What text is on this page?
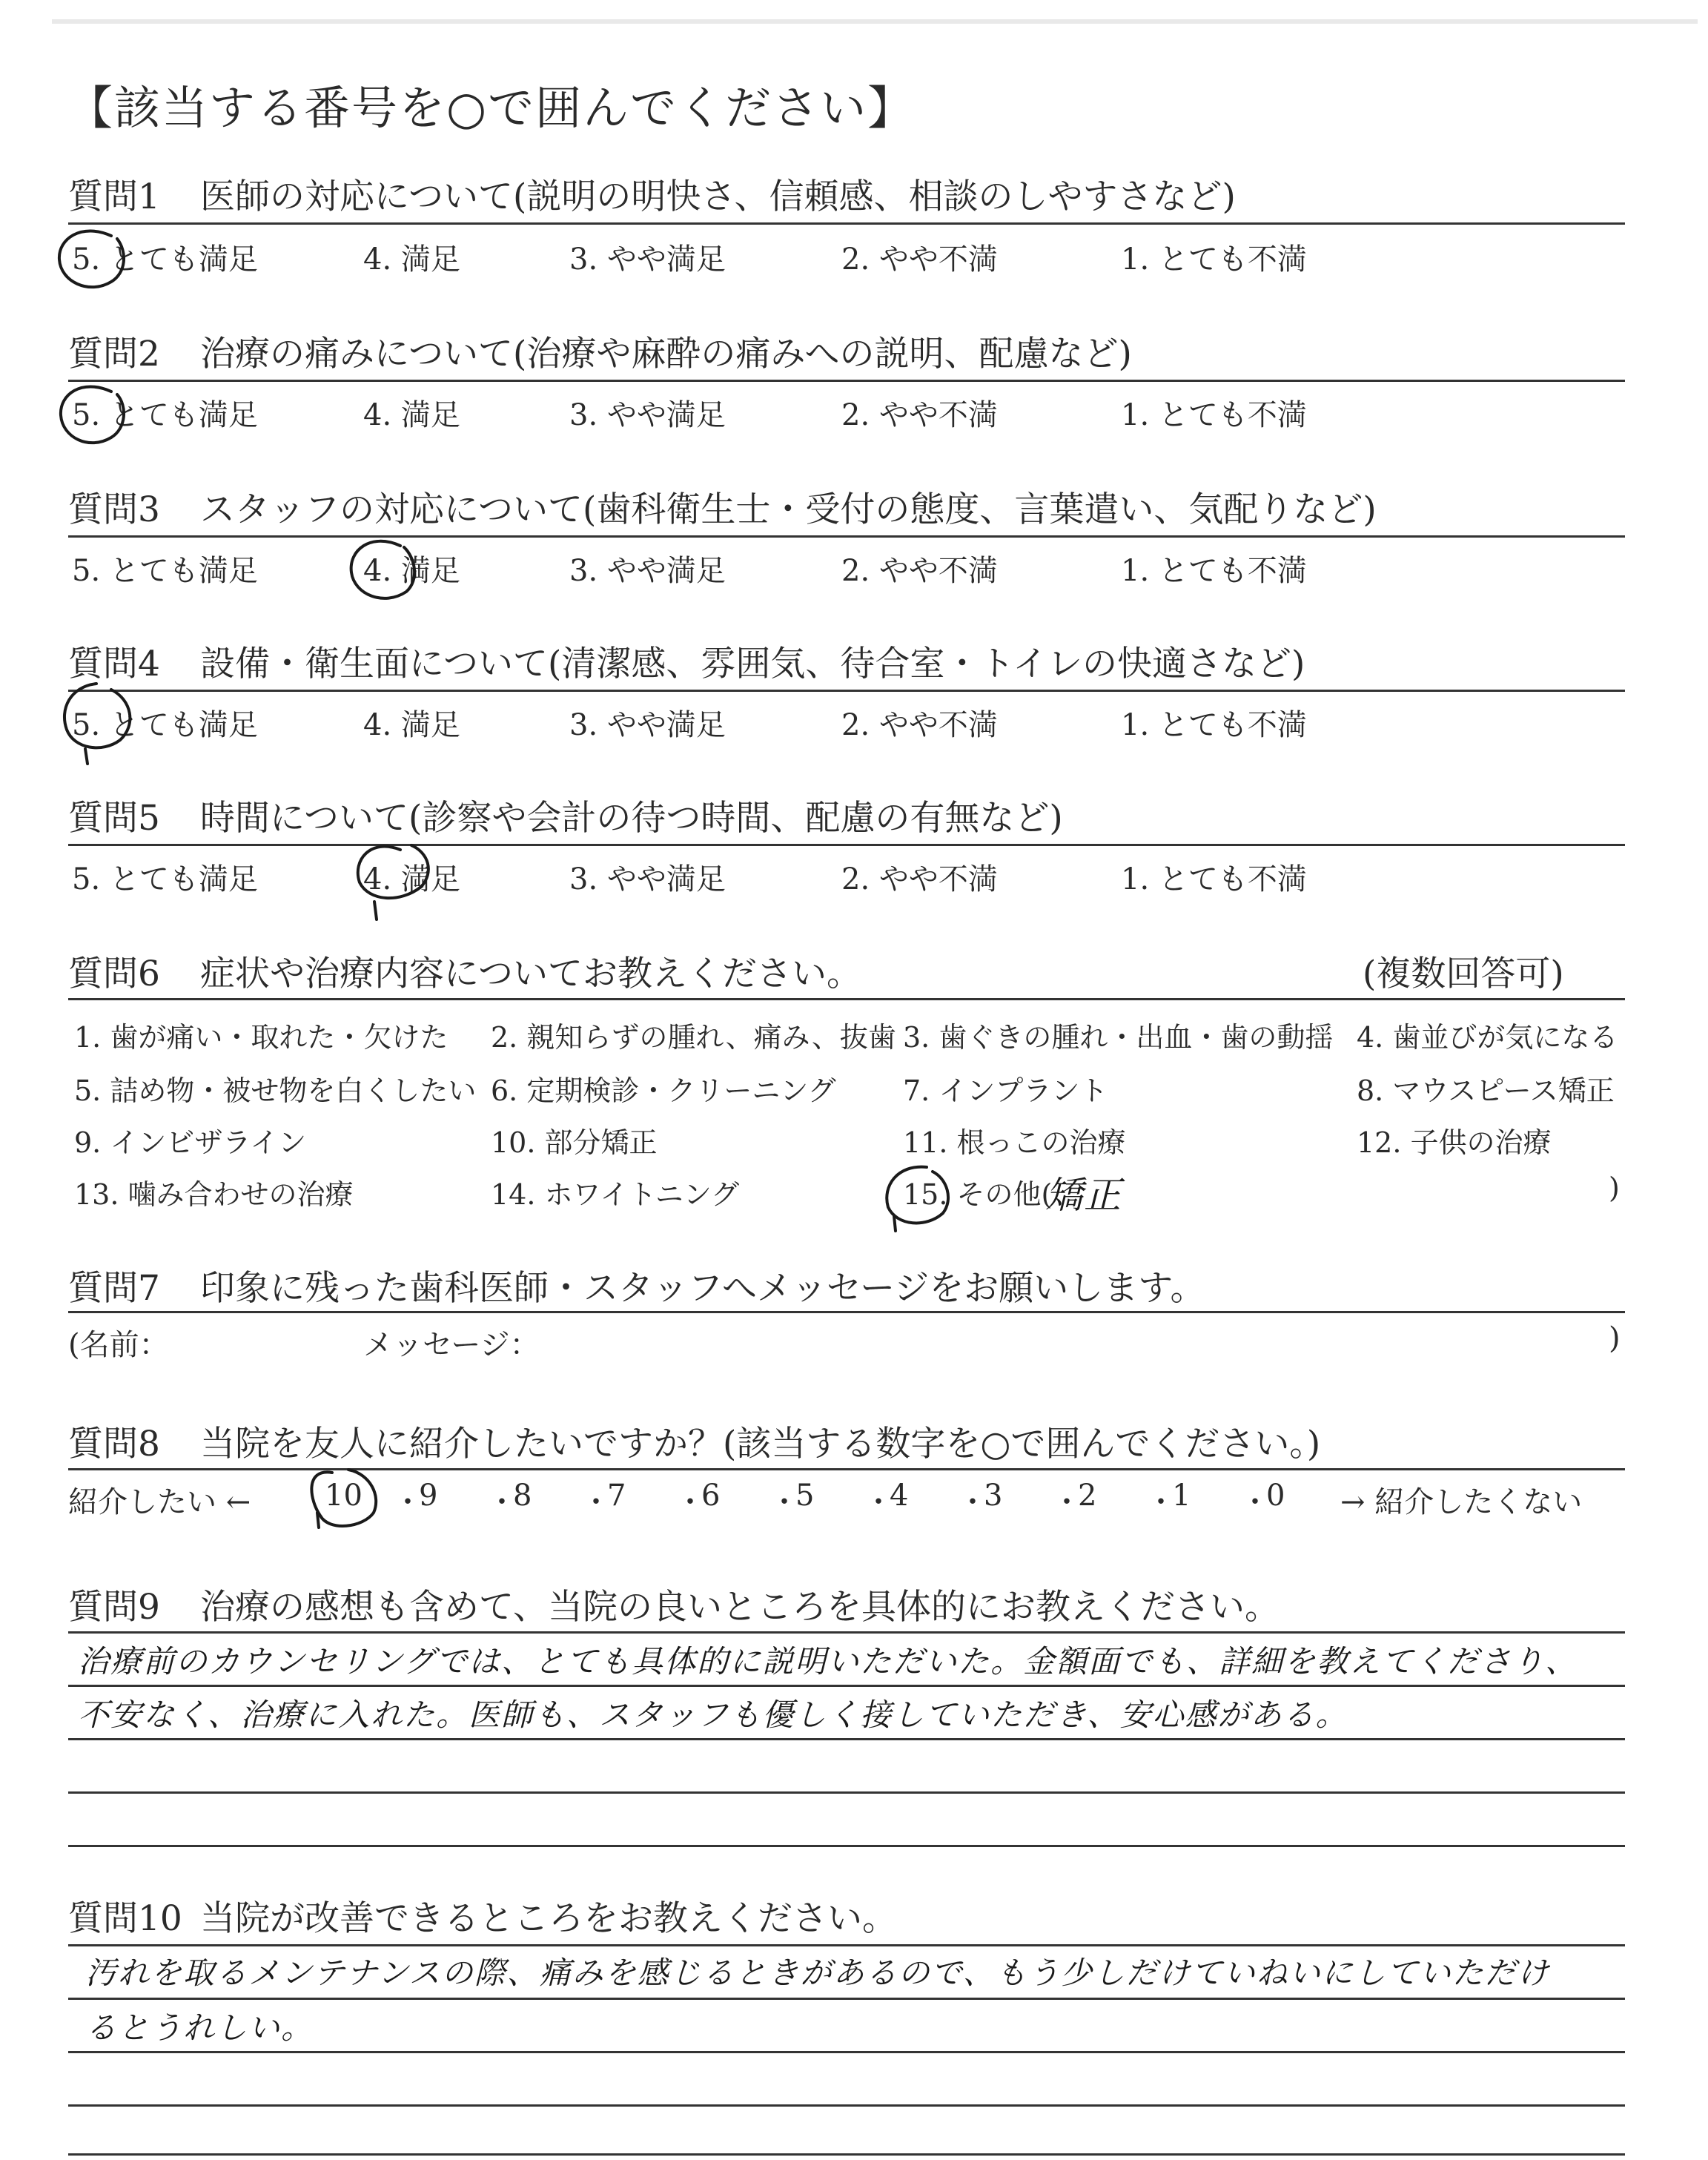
【該当する番号を○で囲んでください】
質問1 医師の対応について(説明の明快さ、信頼感、相談のしやすさなど)
5. とても満足	4. 満足	3. やや満足	2. やや不満	1. とても不満
質問2 治療の痛みについて(治療や麻酔の痛みへの説明、配慮など)
5. とても満足	4. 満足	3. やや満足	2. やや不満	1. とても不満
質問3 スタッフの対応について(歯科衛生士・受付の態度、言葉遣い、気配りなど)
5. とても満足	4. 満足	3. やや満足	2. やや不満	1. とても不満
質問4 設備・衛生面について(清潔感、雰囲気、待合室・トイレの快適さなど)
5. とても満足	4. 満足	3. やや満足	2. やや不満	1. とても不満
質問5 時間について(診察や会計の待つ時間、配慮の有無など)
5. とても満足	4. 満足	3. やや満足	2. やや不満	1. とても不満
質問6 症状や治療内容についてお教えください。	(複数回答可)
1. 歯が痛い・取れた・欠けた 2. 親知らずの腫れ、痛み、抜歯 3. 歯ぐきの腫れ・出血・歯の動揺 4. 歯並びが気になる
5. 詰め物・被せ物を白くしたい 6. 定期検診・クリーニング 7. インプラント	8. マウスピース矯正
9. インビザライン	10. 部分矯正	11. 根っこの治療	12. 子供の治療
13. 噛み合わせの治療	14. ホワイトニング	15. その他(
矯正	)
質問7 印象に残った歯科医師・スタッフへメッセージをお願いします。
(名前：	メッセージ：	)
質問8 当院を友人に紹介したいですか？(該当する数字を○で囲んでください。)
紹介したい ← 10 ・
9 ・
8 ・
7 ・
6 ・
5 ・
4 ・
3 ・
2 ・
1 ・
0 → 紹介したくない
質問9 治療の感想も含めて、当院の良いところを具体的にお教えください。
治療前のカウンセリングでは、とても具体的に説明いただいた。金額面でも、詳細を教えてくださり、
不安なく、治療に入れた。医師も、スタッフも優しく接していただき、安心感がある。
質問10 当院が改善できるところをお教えください。
汚れを取るメンテナンスの際、痛みを感じるときがあるので、もう少しだけていねいにしていただけ
るとうれしい。
